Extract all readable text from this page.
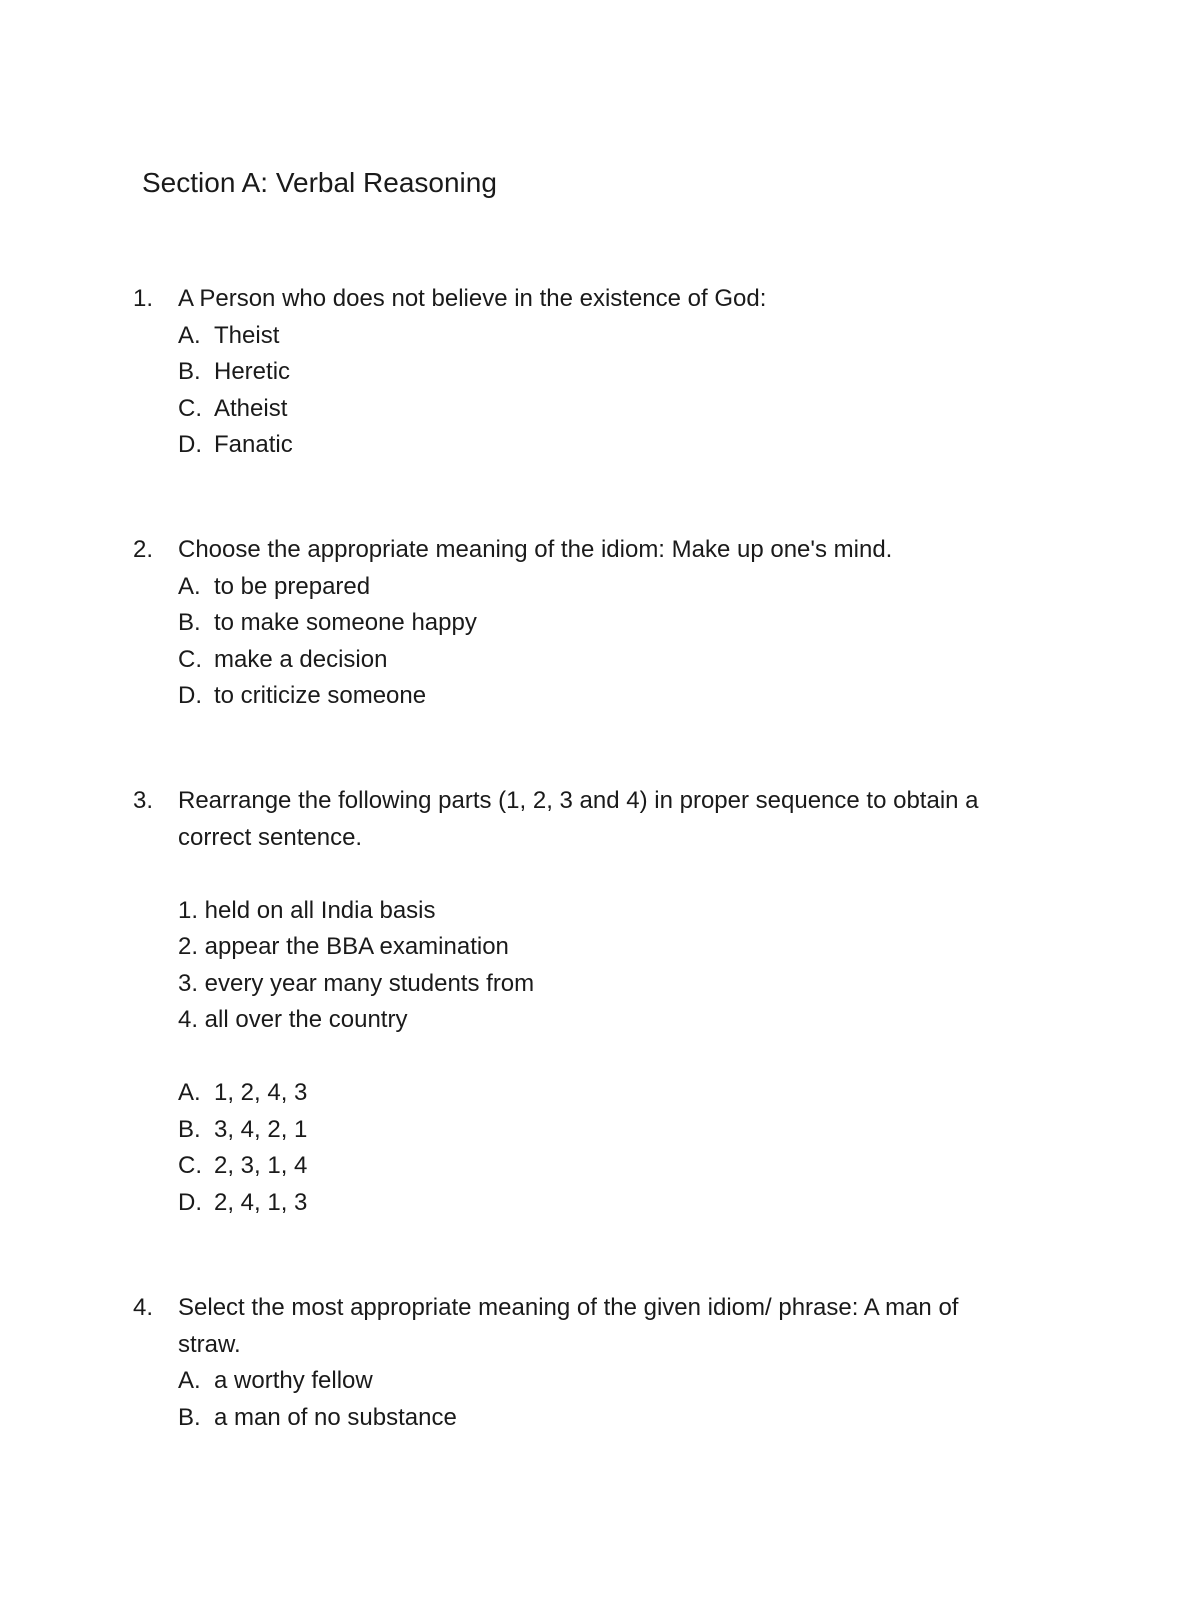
Section A: Verbal Reasoning
1. A Person who does not believe in the existence of God:
A. Theist
B. Heretic
C. Atheist
D. Fanatic
2. Choose the appropriate meaning of the idiom: Make up one's mind.
A. to be prepared
B. to make someone happy
C. make a decision
D. to criticize someone
3. Rearrange the following parts (1, 2, 3 and 4) in proper sequence to obtain a
correct sentence.
1. held on all India basis
2. appear the BBA examination
3. every year many students from
4. all over the country
A. 1, 2, 4, 3
B. 3, 4, 2, 1
C. 2, 3, 1, 4
D. 2, 4, 1, 3
4. Select the most appropriate meaning of the given idiom/ phrase: A man of
straw.
A. a worthy fellow
B. a man of no substance
